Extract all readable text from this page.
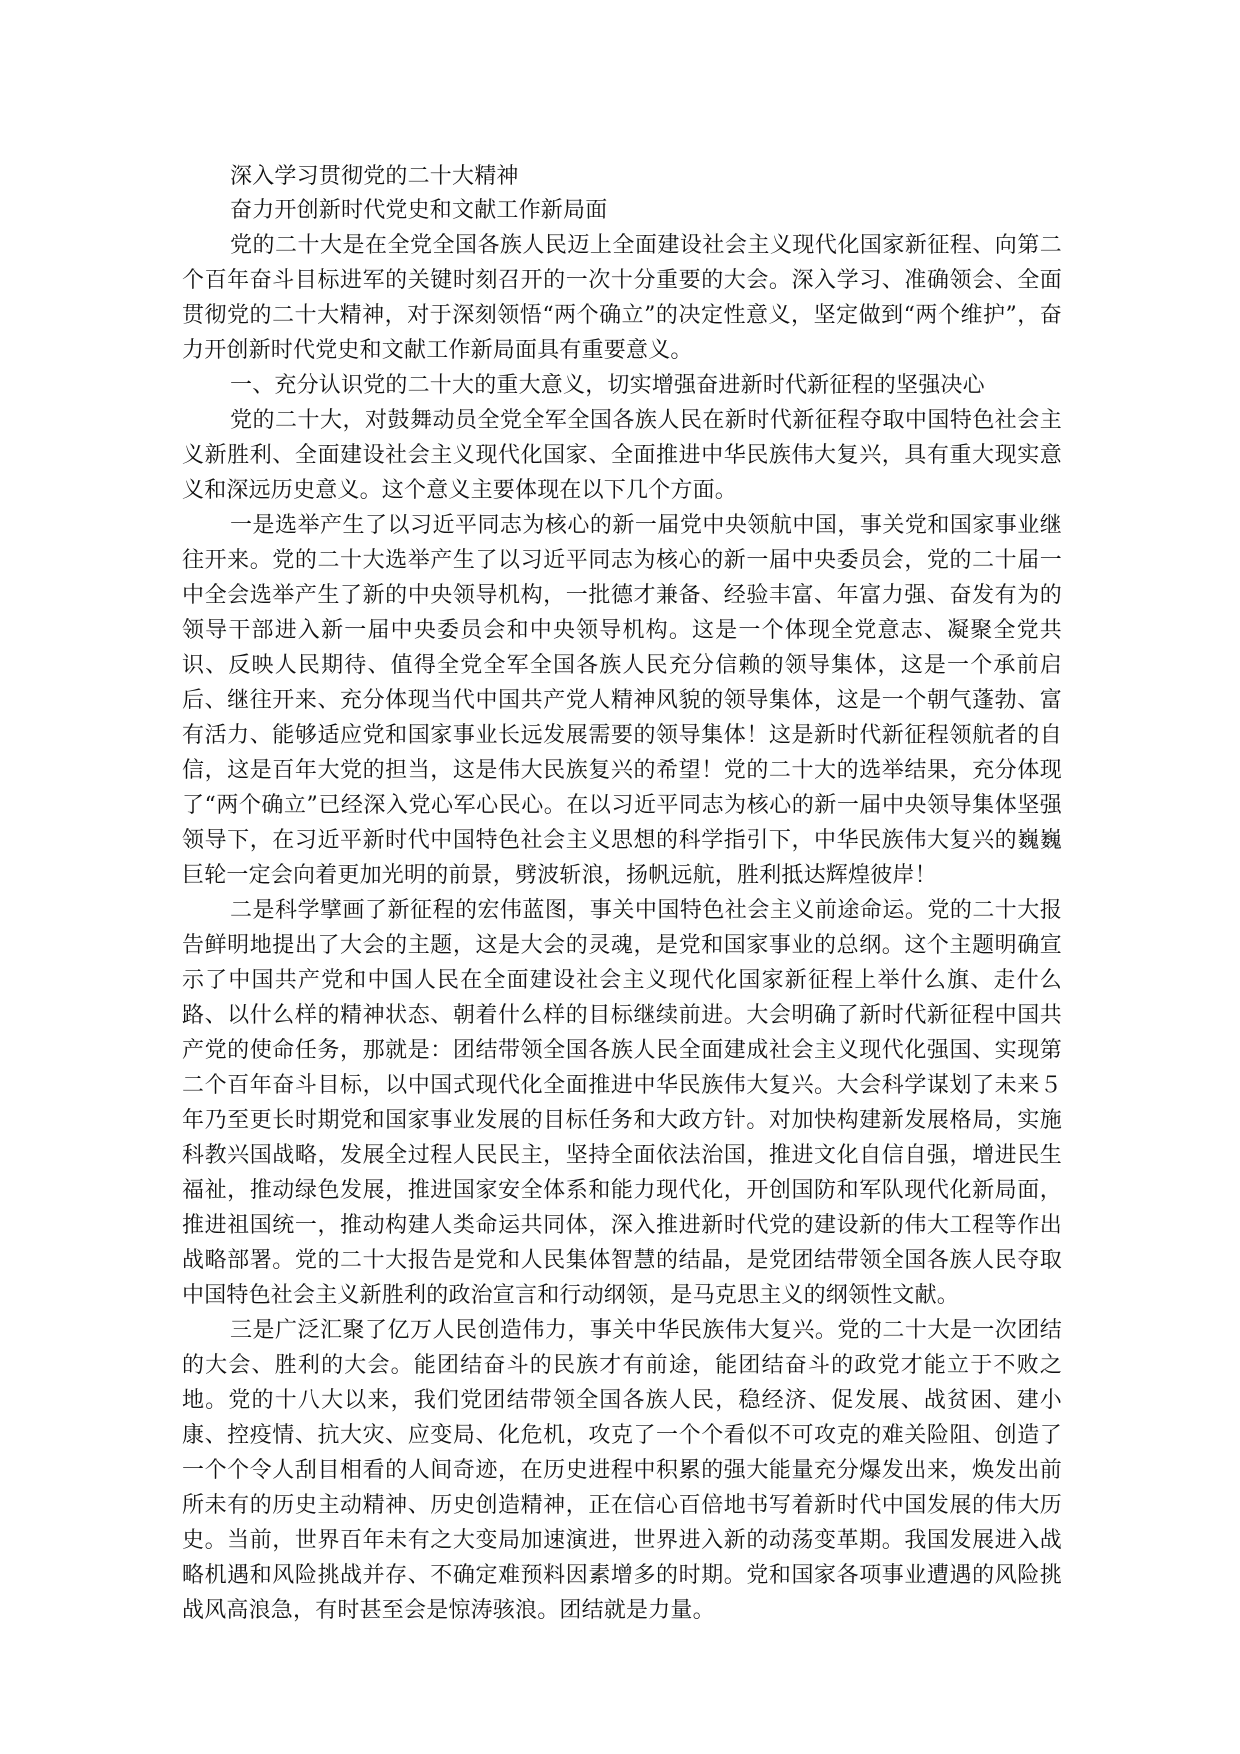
深入学习贯彻党的二十大精神

奋力开创新时代党史和文献工作新局面

党的二十大是在全党全国各族人民迈上全面建设社会主义现代化国家新征程、向第二个百年奋斗目标进军的关键时刻召开的一次十分重要的大会。深入学习、准确领会、全面贯彻党的二十大精神，对于深刻领悟“两个确立”的决定性意义，坚定做到“两个维护”，奋力开创新时代党史和文献工作新局面具有重要意义。

一、充分认识党的二十大的重大意义，切实增强奋进新时代新征程的坚强决心

党的二十大，对鼓舞动员全党全军全国各族人民在新时代新征程夺取中国特色社会主义新胜利、全面建设社会主义现代化国家、全面推进中华民族伟大复兴，具有重大现实意义和深远历史意义。这个意义主要体现在以下几个方面。

一是选举产生了以习近平同志为核心的新一届党中央领航中国，事关党和国家事业继往开来。党的二十大选举产生了以习近平同志为核心的新一届中央委员会，党的二十届一中全会选举产生了新的中央领导机构，一批德才兼备、经验丰富、年富力强、奋发有为的领导干部进入新一届中央委员会和中央领导机构。这是一个体现全党意志、凝聚全党共识、反映人民期待、值得全党全军全国各族人民充分信赖的领导集体，这是一个承前启后、继往开来、充分体现当代中国共产党人精神风貌的领导集体，这是一个朝气蓬勃、富有活力、能够适应党和国家事业长远发展需要的领导集体！这是新时代新征程领航者的自信，这是百年大党的担当，这是伟大民族复兴的希望！党的二十大的选举结果，充分体现了“两个确立”已经深入党心军心民心。在以习近平同志为核心的新一届中央领导集体坚强领导下，在习近平新时代中国特色社会主义思想的科学指引下，中华民族伟大复兴的巍巍巨轮一定会向着更加光明的前景，劈波斩浪，扬帆远航，胜利抵达辉煌彼岸！

二是科学擘画了新征程的宏伟蓝图，事关中国特色社会主义前途命运。党的二十大报告鲜明地提出了大会的主题，这是大会的灵魂，是党和国家事业的总纲。这个主题明确宣示了中国共产党和中国人民在全面建设社会主义现代化国家新征程上举什么旗、走什么路、以什么样的精神状态、朝着什么样的目标继续前进。大会明确了新时代新征程中国共产党的使命任务，那就是：团结带领全国各族人民全面建成社会主义现代化强国、实现第二个百年奋斗目标，以中国式现代化全面推进中华民族伟大复兴。大会科学谋划了未来５ 年乃至更长时期党和国家事业发展的目标任务和大政方针。对加快构建新发展格局，实施科教兴国战略，发展全过程人民民主，坚持全面依法治国，推进文化自信自强，增进民生福祉，推动绿色发展，推进国家安全体系和能力现代化，开创国防和军队现代化新局面，推进祖国统一，推动构建人类命运共同体，深入推进新时代党的建设新的伟大工程等作出战略部署。党的二十大报告是党和人民集体智慧的结晶，是党团结带领全国各族人民夺取中国特色社会主义新胜利的政治宣言和行动纲领，是马克思主义的纲领性文献。

三是广泛汇聚了亿万人民创造伟力，事关中华民族伟大复兴。党的二十大是一次团结的大会、胜利的大会。能团结奋斗的民族才有前途，能团结奋斗的政党才能立于不败之地。党的十八大以来，我们党团结带领全国各族人民，稳经济、促发展、战贫困、建小康、控疫情、抗大灾、应变局、化危机，攻克了一个个看似不可攻克的难关险阻、创造了一个个令人刮目相看的人间奇迹，在历史进程中积累的强大能量充分爆发出来，焕发出前所未有的历史主动精神、历史创造精神，正在信心百倍地书写着新时代中国发展的伟大历史。当前，世界百年未有之大变局加速演进，世界进入新的动荡变革期。我国发展进入战略机遇和风险挑战并存、不确定难预料因素增多的时期。党和国家各项事业遭遇的风险挑战风高浪急，有时甚至会是惊涛骇浪。团结就是力量。
